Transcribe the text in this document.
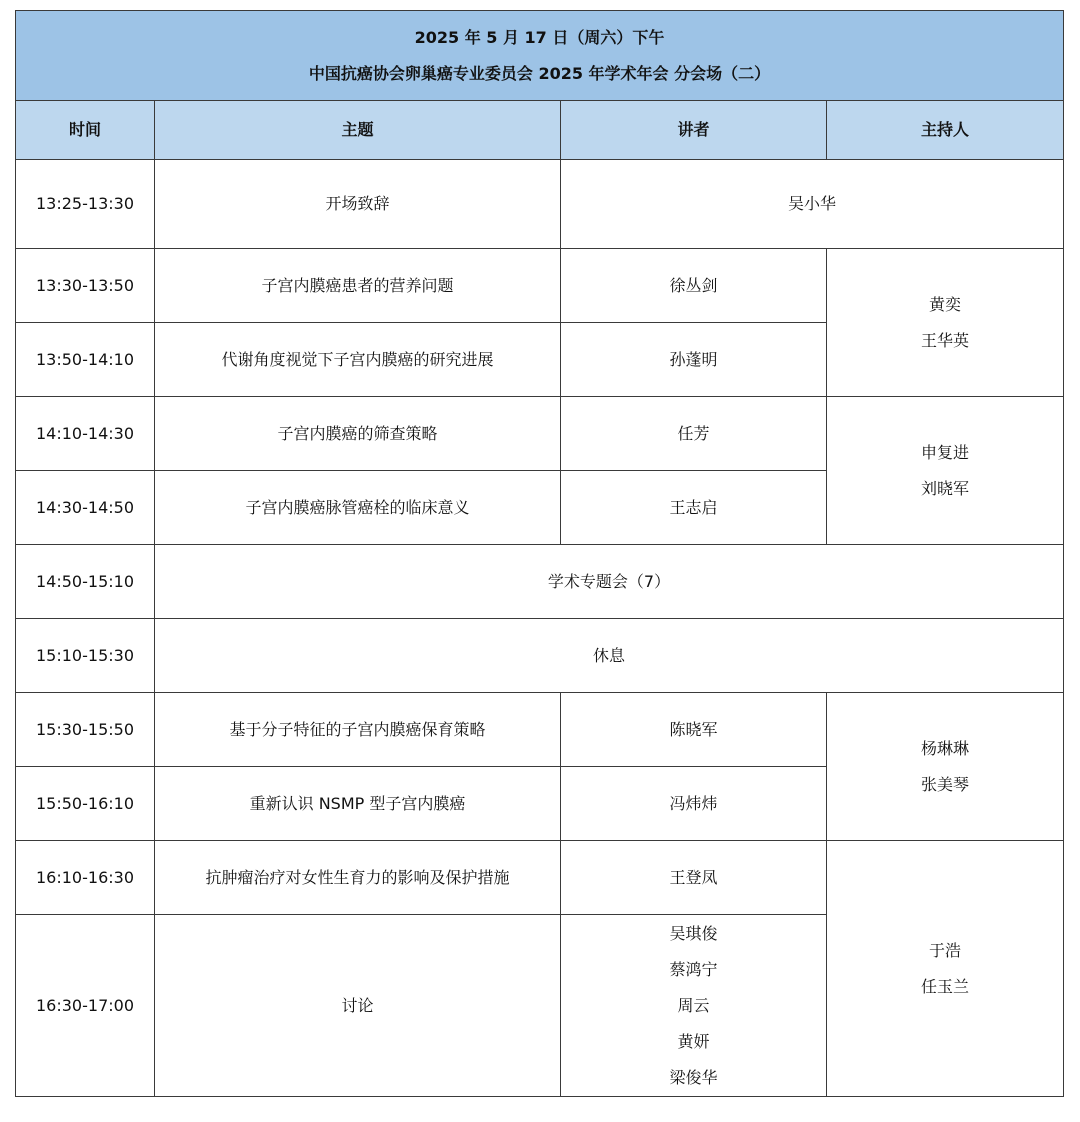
2025 年 5 月 17 日（周六）下午
中国抗癌协会卵巢癌专业委员会 2025 年学术年会 分会场（二）			

时间	主题	讲者	主持人
13:25-13:30	开场致辞	吴小华	
13:30-13:50	子宫内膜癌患者的营养问题	徐丛剑	黄奕
王华英

13:50-14:10	代谢角度视觉下子宫内膜癌的研究进展	孙蓬明	
14:10-14:30	子宫内膜癌的筛查策略	任芳	申复进
刘晓军

14:30-14:50	子宫内膜癌脉管癌栓的临床意义	王志启	
14:50-15:10	学术专题会（7）		
15:10-15:30	休息		
15:30-15:50	基于分子特征的子宫内膜癌保育策略	陈晓军	杨琳琳
张美琴

15:50-16:10	重新认识 NSMP 型子宫内膜癌	冯炜炜	
16:10-16:30	抗肿瘤治疗对女性生育力的影响及保护措施	王登凤	于浩
任玉兰

16:30-17:00	讨论	吴琪俊
蔡鸿宁
周云
黄妍
梁俊华	
